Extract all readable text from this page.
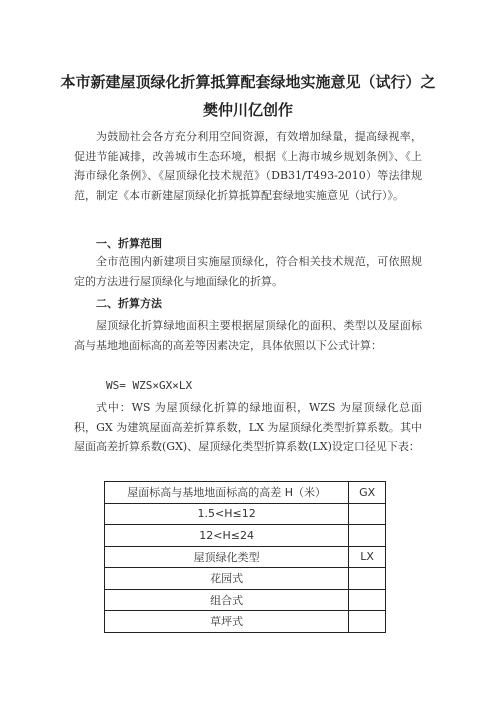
本市新建屋顶绿化折算抵算配套绿地实施意见（试行）之樊仲川亿创作
为鼓励社会各方充分利用空间资源，有效增加绿量，提高绿视率，促进节能减排，改善城市生态环境，根据《上海市城乡规划条例》、《上海市绿化条例》、《屋顶绿化技术规范》（DB31/T493-2010）等法律规范，制定《本市新建屋顶绿化折算抵算配套绿地实施意见（试行）》。
一、折算范围
全市范围内新建项目实施屋顶绿化，符合相关技术规范，可依照规定的方法进行屋顶绿化与地面绿化的折算。
二、折算方法
屋顶绿化折算绿地面积主要根据屋顶绿化的面积、类型以及屋面标高与基地地面标高的高差等因素决定，具体依照以下公式计算：
WS= WZS×GX×LX
式中：WS 为屋顶绿化折算的绿地面积，WZS 为屋顶绿化总面积，GX 为建筑屋面高差折算系数，LX 为屋顶绿化类型折算系数。其中屋面高差折算系数(GX)、屋顶绿化类型折算系数(LX)设定口径见下表：
屋面标高与基地地面标高的高差 H（米）	GX
1.5<H≤12	
12<H≤24	
屋顶绿化类型	LX
花园式	
组合式	
草坪式	
